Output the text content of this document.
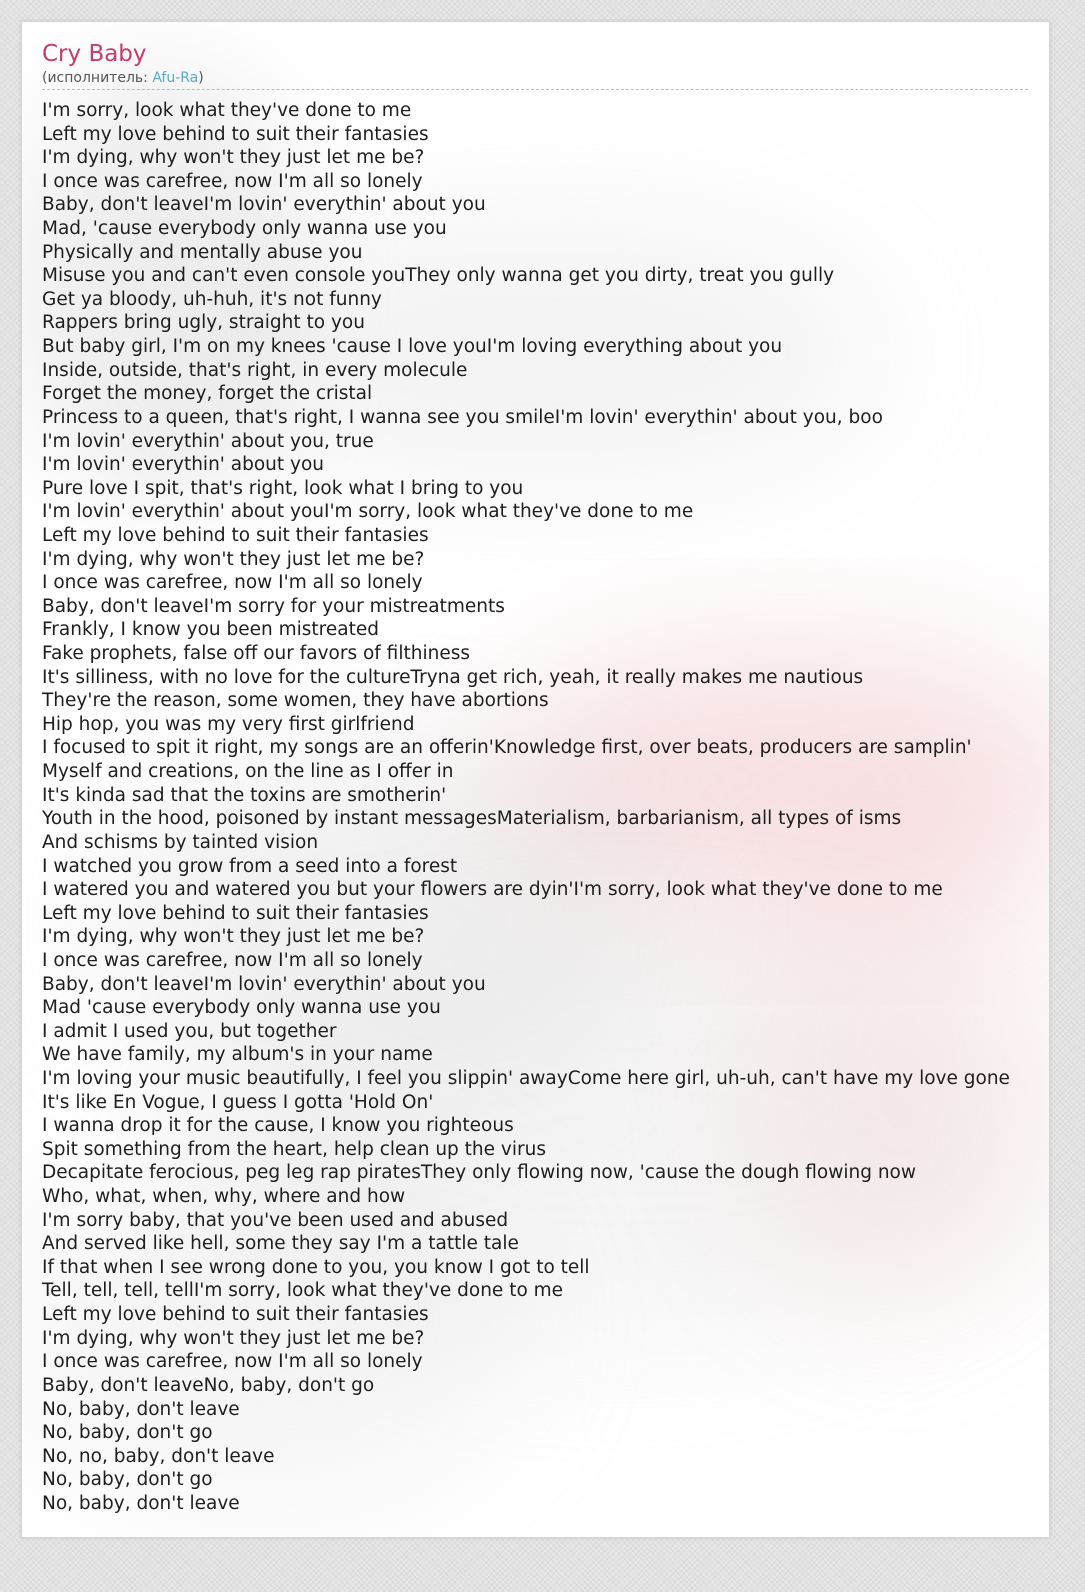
Cry Baby
(исполнитель: Afu-Ra)
I'm sorry, look what they've done to me
Left my love behind to suit their fantasies
I'm dying, why won't they just let me be?
I once was carefree, now I'm all so lonely
Baby, don't leaveI'm lovin' everythin' about you
Mad, 'cause everybody only wanna use you
Physically and mentally abuse you
Misuse you and can't even console youThey only wanna get you dirty, treat you gully
Get ya bloody, uh-huh, it's not funny
Rappers bring ugly, straight to you
But baby girl, I'm on my knees 'cause I love youI'm loving everything about you
Inside, outside, that's right, in every molecule
Forget the money, forget the cristal
Princess to a queen, that's right, I wanna see you smileI'm lovin' everythin' about you, boo
I'm lovin' everythin' about you, true
I'm lovin' everythin' about you
Pure love I spit, that's right, look what I bring to you
I'm lovin' everythin' about youI'm sorry, look what they've done to me
Left my love behind to suit their fantasies
I'm dying, why won't they just let me be?
I once was carefree, now I'm all so lonely
Baby, don't leaveI'm sorry for your mistreatments
Frankly, I know you been mistreated
Fake prophets, false off our favors of filthiness
It's silliness, with no love for the cultureTryna get rich, yeah, it really makes me nautious
They're the reason, some women, they have abortions
Hip hop, you was my very first girlfriend
I focused to spit it right, my songs are an offerin'Knowledge first, over beats, producers are samplin'
Myself and creations, on the line as I offer in
It's kinda sad that the toxins are smotherin'
Youth in the hood, poisoned by instant messagesMaterialism, barbarianism, all types of isms
And schisms by tainted vision
I watched you grow from a seed into a forest
I watered you and watered you but your flowers are dyin'I'm sorry, look what they've done to me
Left my love behind to suit their fantasies
I'm dying, why won't they just let me be?
I once was carefree, now I'm all so lonely
Baby, don't leaveI'm lovin' everythin' about you
Mad 'cause everybody only wanna use you
I admit I used you, but together
We have family, my album's in your name
I'm loving your music beautifully, I feel you slippin' awayCome here girl, uh-uh, can't have my love gone
It's like En Vogue, I guess I gotta 'Hold On'
I wanna drop it for the cause, I know you righteous
Spit something from the heart, help clean up the virus
Decapitate ferocious, peg leg rap piratesThey only flowing now, 'cause the dough flowing now
Who, what, when, why, where and how
I'm sorry baby, that you've been used and abused
And served like hell, some they say I'm a tattle tale
If that when I see wrong done to you, you know I got to tell
Tell, tell, tell, tellI'm sorry, look what they've done to me
Left my love behind to suit their fantasies
I'm dying, why won't they just let me be?
I once was carefree, now I'm all so lonely
Baby, don't leaveNo, baby, don't go
No, baby, don't leave
No, baby, don't go
No, no, baby, don't leave
No, baby, don't go
No, baby, don't leave
